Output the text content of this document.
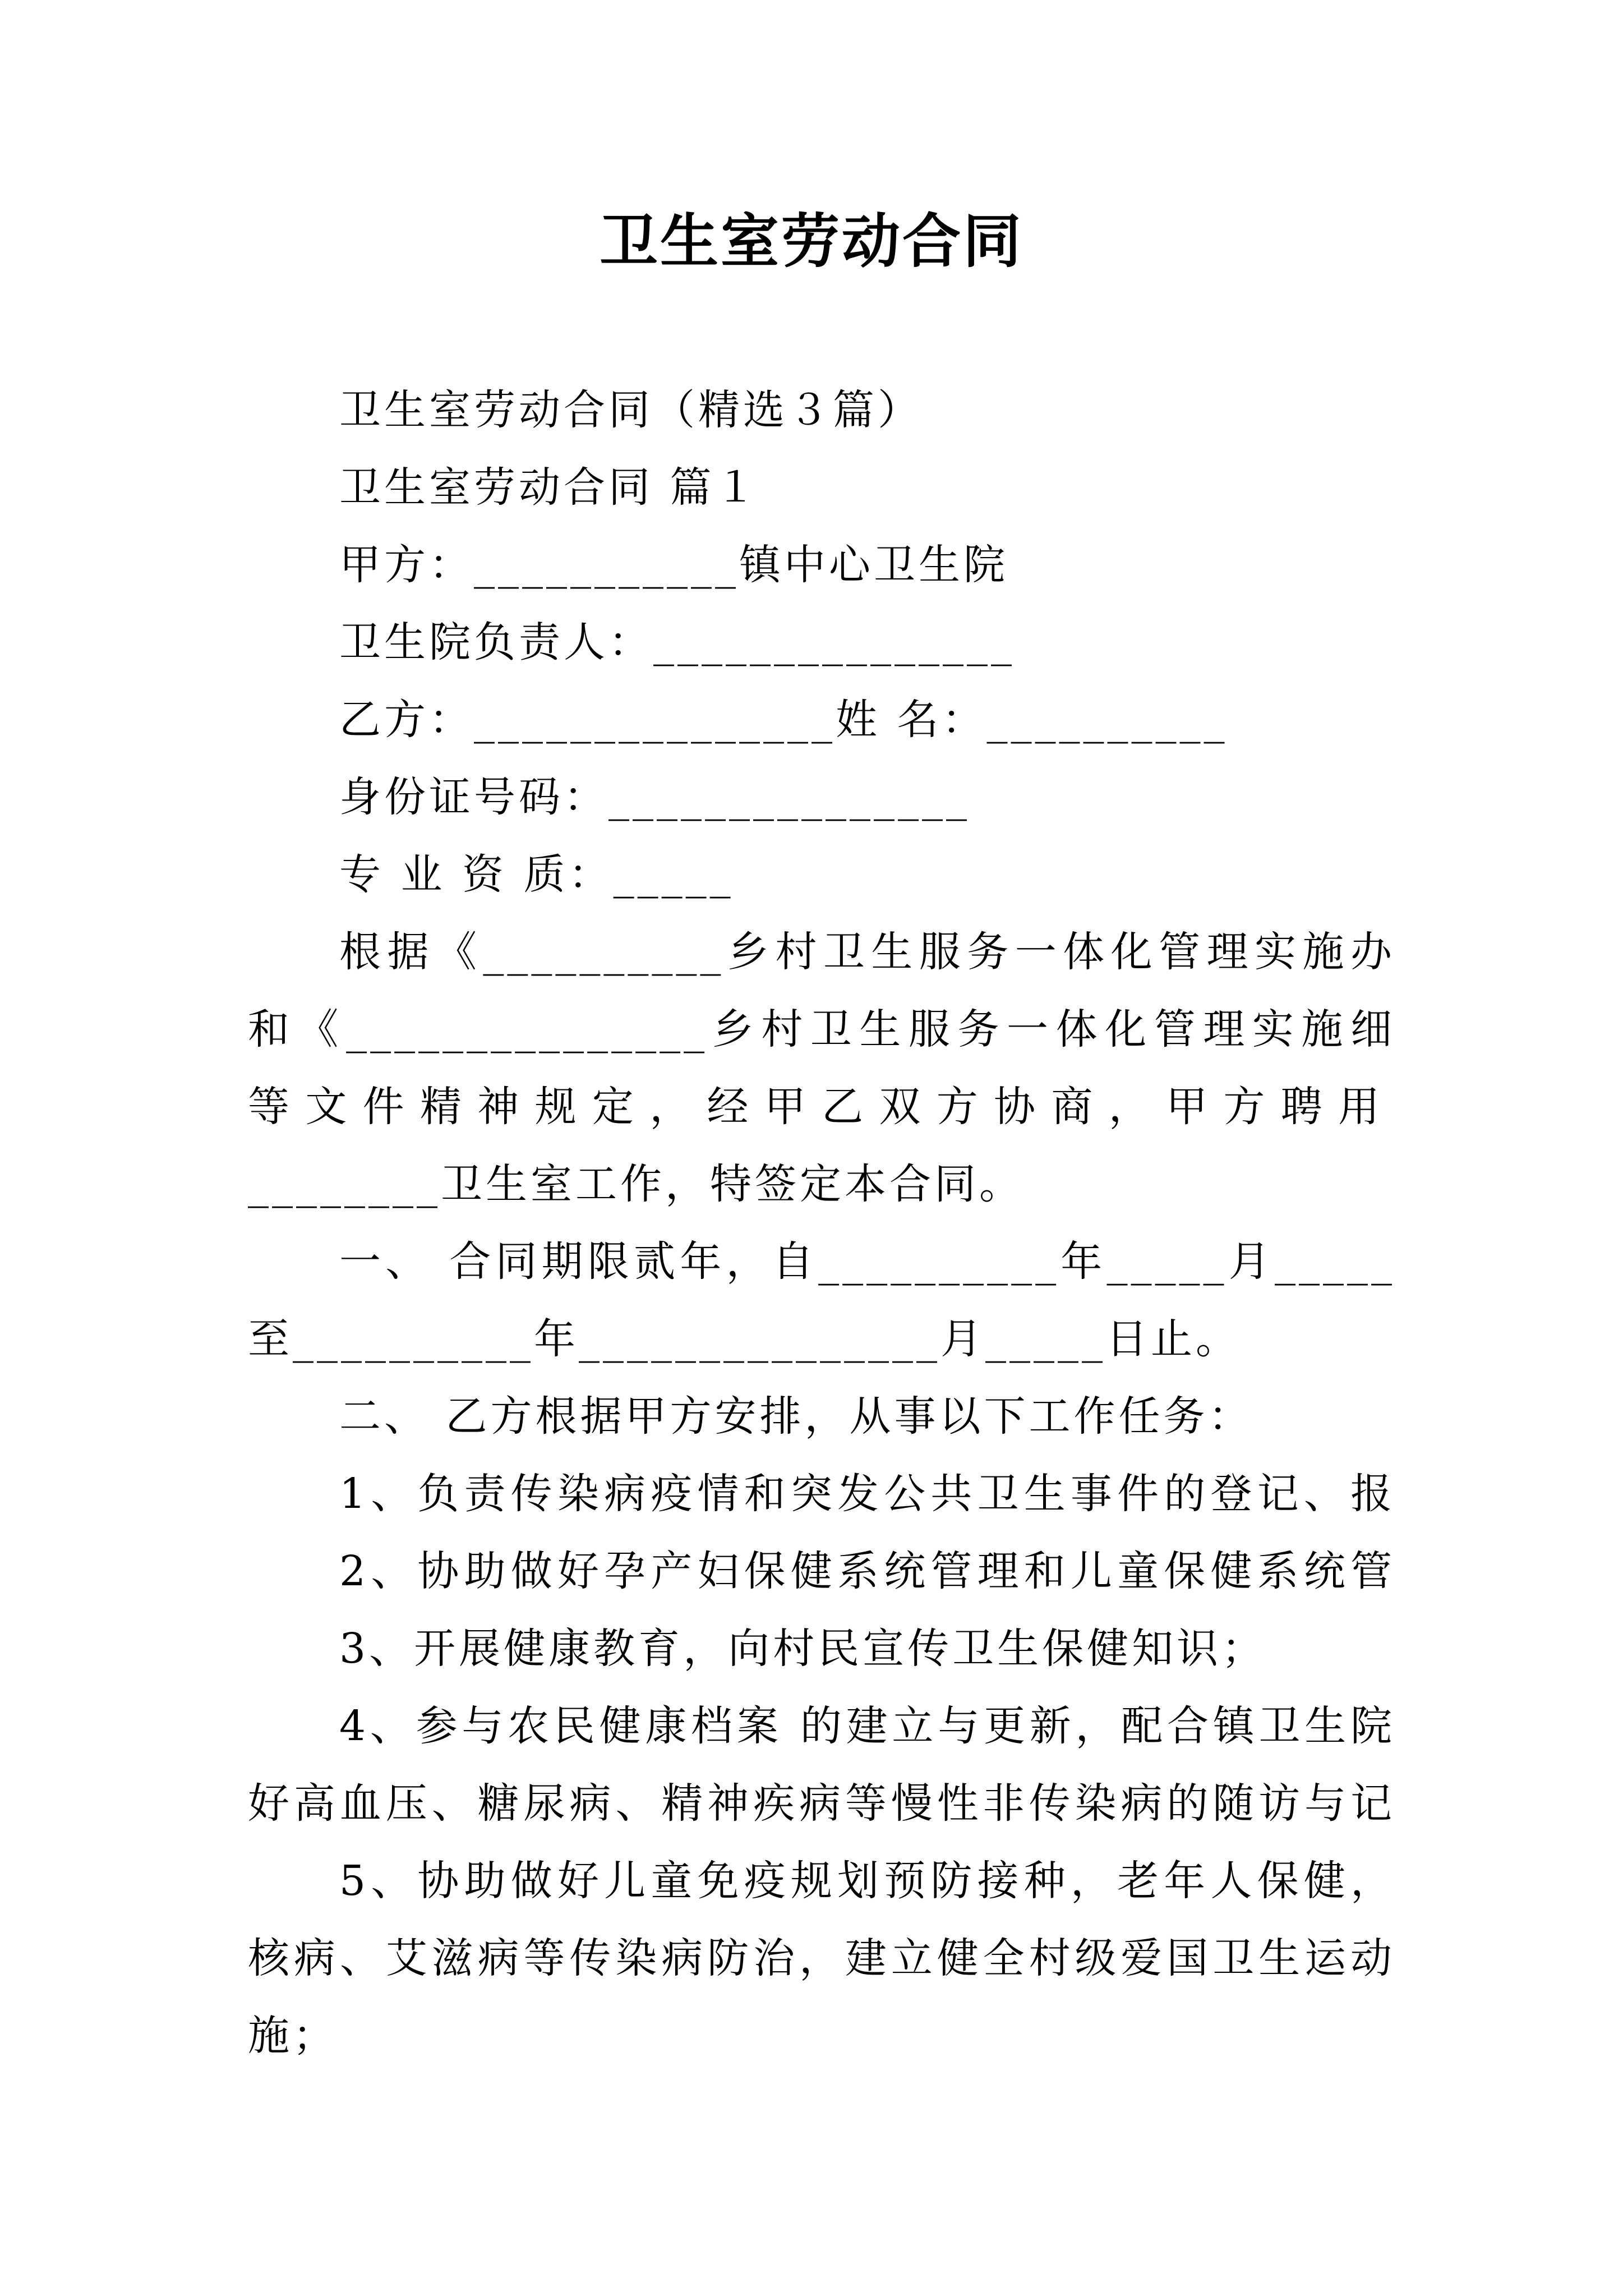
卫生室劳动合同
卫生室劳动合同（精选３篇）
卫生室劳动合同 篇１
甲方：___________镇中心卫生院
卫生院负责人：_______________
乙方：_______________姓 名：__________
身份证号码：_______________
专 业 资 质：_____
根据《__________乡村卫生服务一体化管理实施办
和《_______________乡村卫生服务一体化管理实施细
等文件精神规定，经甲乙双方协商，甲方聘用
________卫生室工作，特签定本合同。
一、 合同期限贰年，自__________年_____月_____
至__________年_______________月_____日止。
二、 乙方根据甲方安排，从事以下工作任务：
1、负责传染病疫情和突发公共卫生事件的登记、报
2、协助做好孕产妇保健系统管理和儿童保健系统管
3、开展健康教育，向村民宣传卫生保健知识；
4、参与农民健康档案 的建立与更新，配合镇卫生院
好高血压、糖尿病、精神疾病等慢性非传染病的随访与记
5、协助做好儿童免疫规划预防接种，老年人保健，
核病、艾滋病等传染病防治，建立健全村级爱国卫生运动
施；
